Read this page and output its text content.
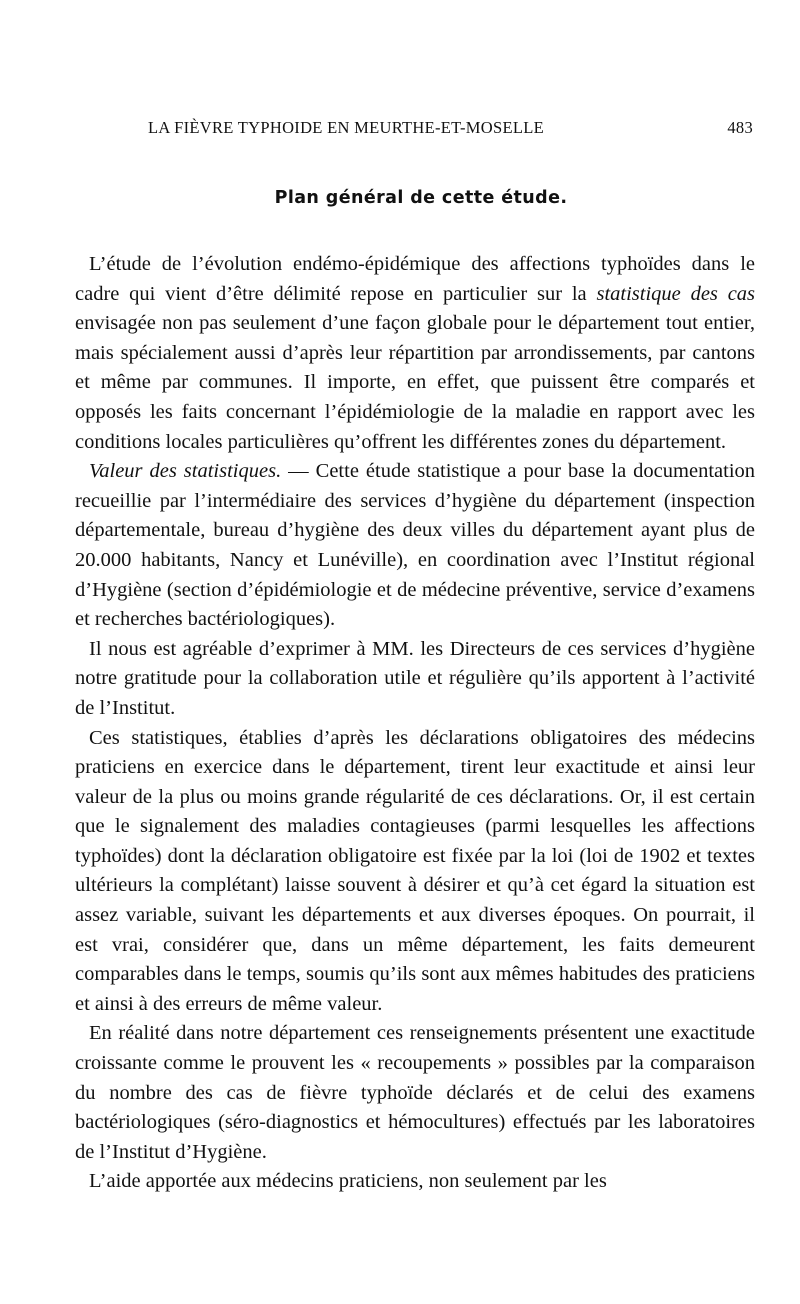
LA FIÈVRE TYPHOIDE EN MEURTHE-ET-MOSELLE	483
Plan général de cette étude.

L’étude de l’évolution endémo-épidémique des affections typhoïdes dans le cadre qui vient d’être délimité repose en particulier sur la statistique des cas envisagée non pas seulement d’une façon globale pour le département tout entier, mais spécialement aussi d’après leur répartition par arrondissements, par cantons et même par communes. Il importe, en effet, que puissent être comparés et opposés les faits concernant l’épidémiologie de la maladie en rapport avec les conditions locales particulières qu’offrent les différentes zones du département.

Valeur des statistiques. — Cette étude statistique a pour base la documentation recueillie par l’intermédiaire des services d’hygiène du département (inspection départementale, bureau d’hygiène des deux villes du département ayant plus de 20.000 habitants, Nancy et Lunéville), en coordination avec l’Institut régional d’Hygiène (section d’épidémiologie et de médecine préventive, service d’examens et recherches bactériologiques).

Il nous est agréable d’exprimer à MM. les Directeurs de ces services d’hygiène notre gratitude pour la collaboration utile et régulière qu’ils apportent à l’activité de l’Institut.

Ces statistiques, établies d’après les déclarations obligatoires des médecins praticiens en exercice dans le département, tirent leur exactitude et ainsi leur valeur de la plus ou moins grande régularité de ces déclarations. Or, il est certain que le signalement des maladies contagieuses (parmi lesquelles les affections typhoïdes) dont la déclaration obligatoire est fixée par la loi (loi de 1902 et textes ultérieurs la complétant) laisse souvent à désirer et qu’à cet égard la situation est assez variable, suivant les départements et aux diverses époques. On pourrait, il est vrai, considérer que, dans un même département, les faits demeurent comparables dans le temps, soumis qu’ils sont aux mêmes habitudes des praticiens et ainsi à des erreurs de même valeur.

En réalité dans notre département ces renseignements présentent une exactitude croissante comme le prouvent les « recoupements » possibles par la comparaison du nombre des cas de fièvre typhoïde déclarés et de celui des examens bactériologiques (séro-diagnostics et hémocultures) effectués par les laboratoires de l’Institut d’Hygiène.

L’aide apportée aux médecins praticiens, non seulement par les
